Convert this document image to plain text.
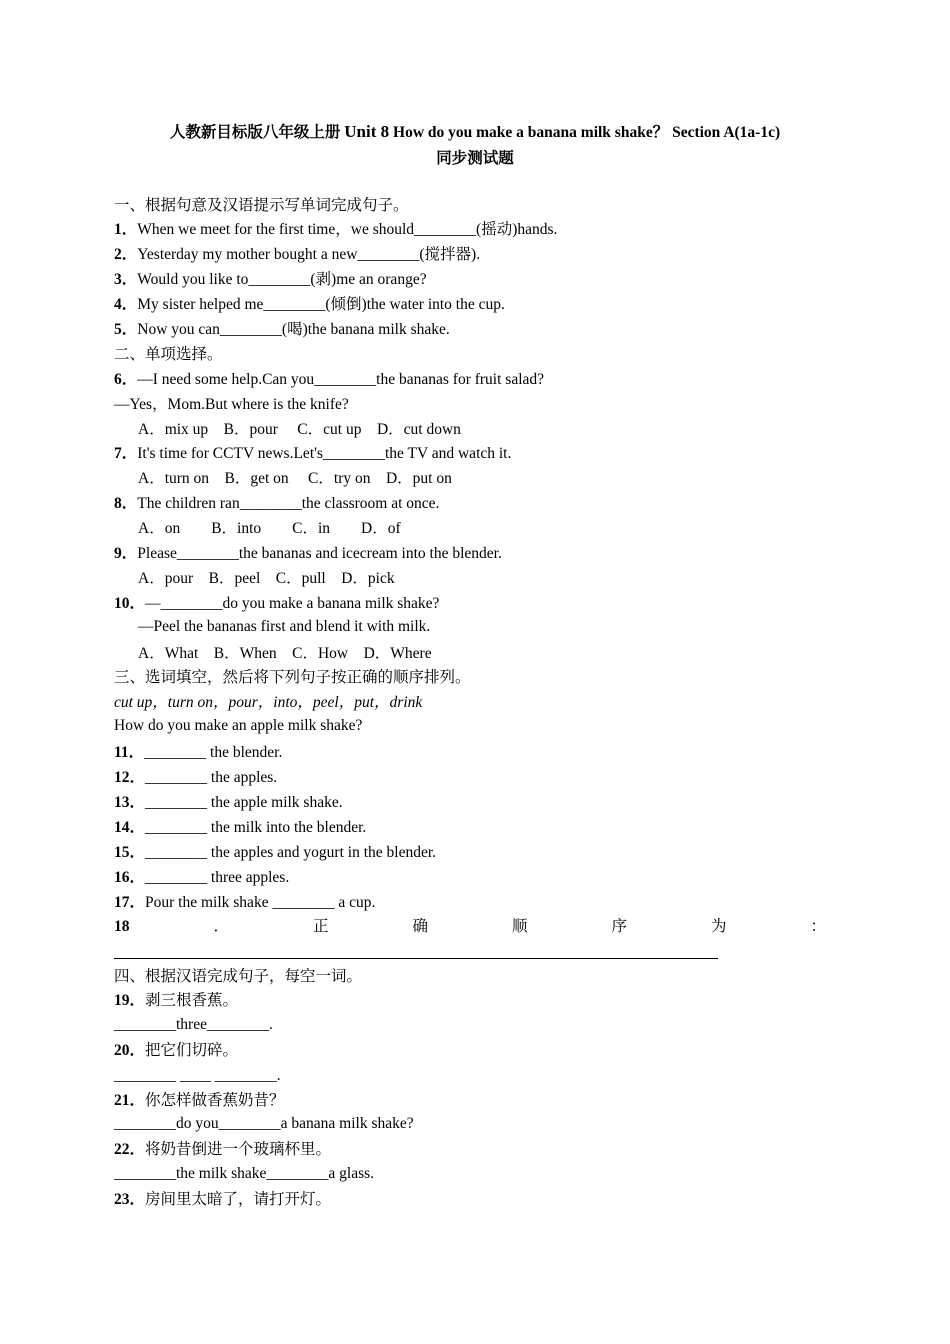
人教新目标版八年级上册 Unit 8 How do you make a banana milk shake？ Section A(1a-1c)
同步测试题
一、根据句意及汉语提示写单词完成句子。
1．When we meet for the first time，we should________(摇动)hands.
2．Yesterday my mother bought a new________(搅拌器).
3．Would you like to________(剥)me an orange?
4．My sister helped me________(倾倒)the water into the cup.
5．Now you can________(喝)the banana milk shake.
二、单项选择。
6．—I need some help.Can you________the bananas for fruit salad?
—Yes，Mom.But where is the knife?
A．mix up　B．pour　 C．cut up　D．cut down
7．It's time for CCTV news.Let's________the TV and watch it.
A．turn on　B．get on　 C．try on　D．put on
8．The children ran________the classroom at once.
A．on　　B．into　　C．in　　D．of
9．Please________the bananas and icecream into the blender.
A．pour　B．peel　C．pull　D．pick
10．—________do you make a banana milk shake?
—Peel the bananas first and blend it with milk.
A．What　B．When　C．How　D．Where
三、选词填空，然后将下列句子按正确的顺序排列。
cut up，turn on，pour，into，peel，put，drink
How do you make an apple milk shake?
11．________ the blender.
12．________ the apples.
13．________ the apple milk shake.
14．________ the milk into the blender.
15．________ the apples and yogurt in the blender.
16．________ three apples.
17．Pour the milk shake ________ a cup.
18	．	正	确	顺	序	为	：
四、根据汉语完成句子，每空一词。
19．剥三根香蕉。
________three________.
20．把它们切碎。
________ ____ ________.
21．你怎样做香蕉奶昔？
________do you________a banana milk shake?
22．将奶昔倒进一个玻璃杯里。
________the milk shake________a glass.
23．房间里太暗了，请打开灯。
